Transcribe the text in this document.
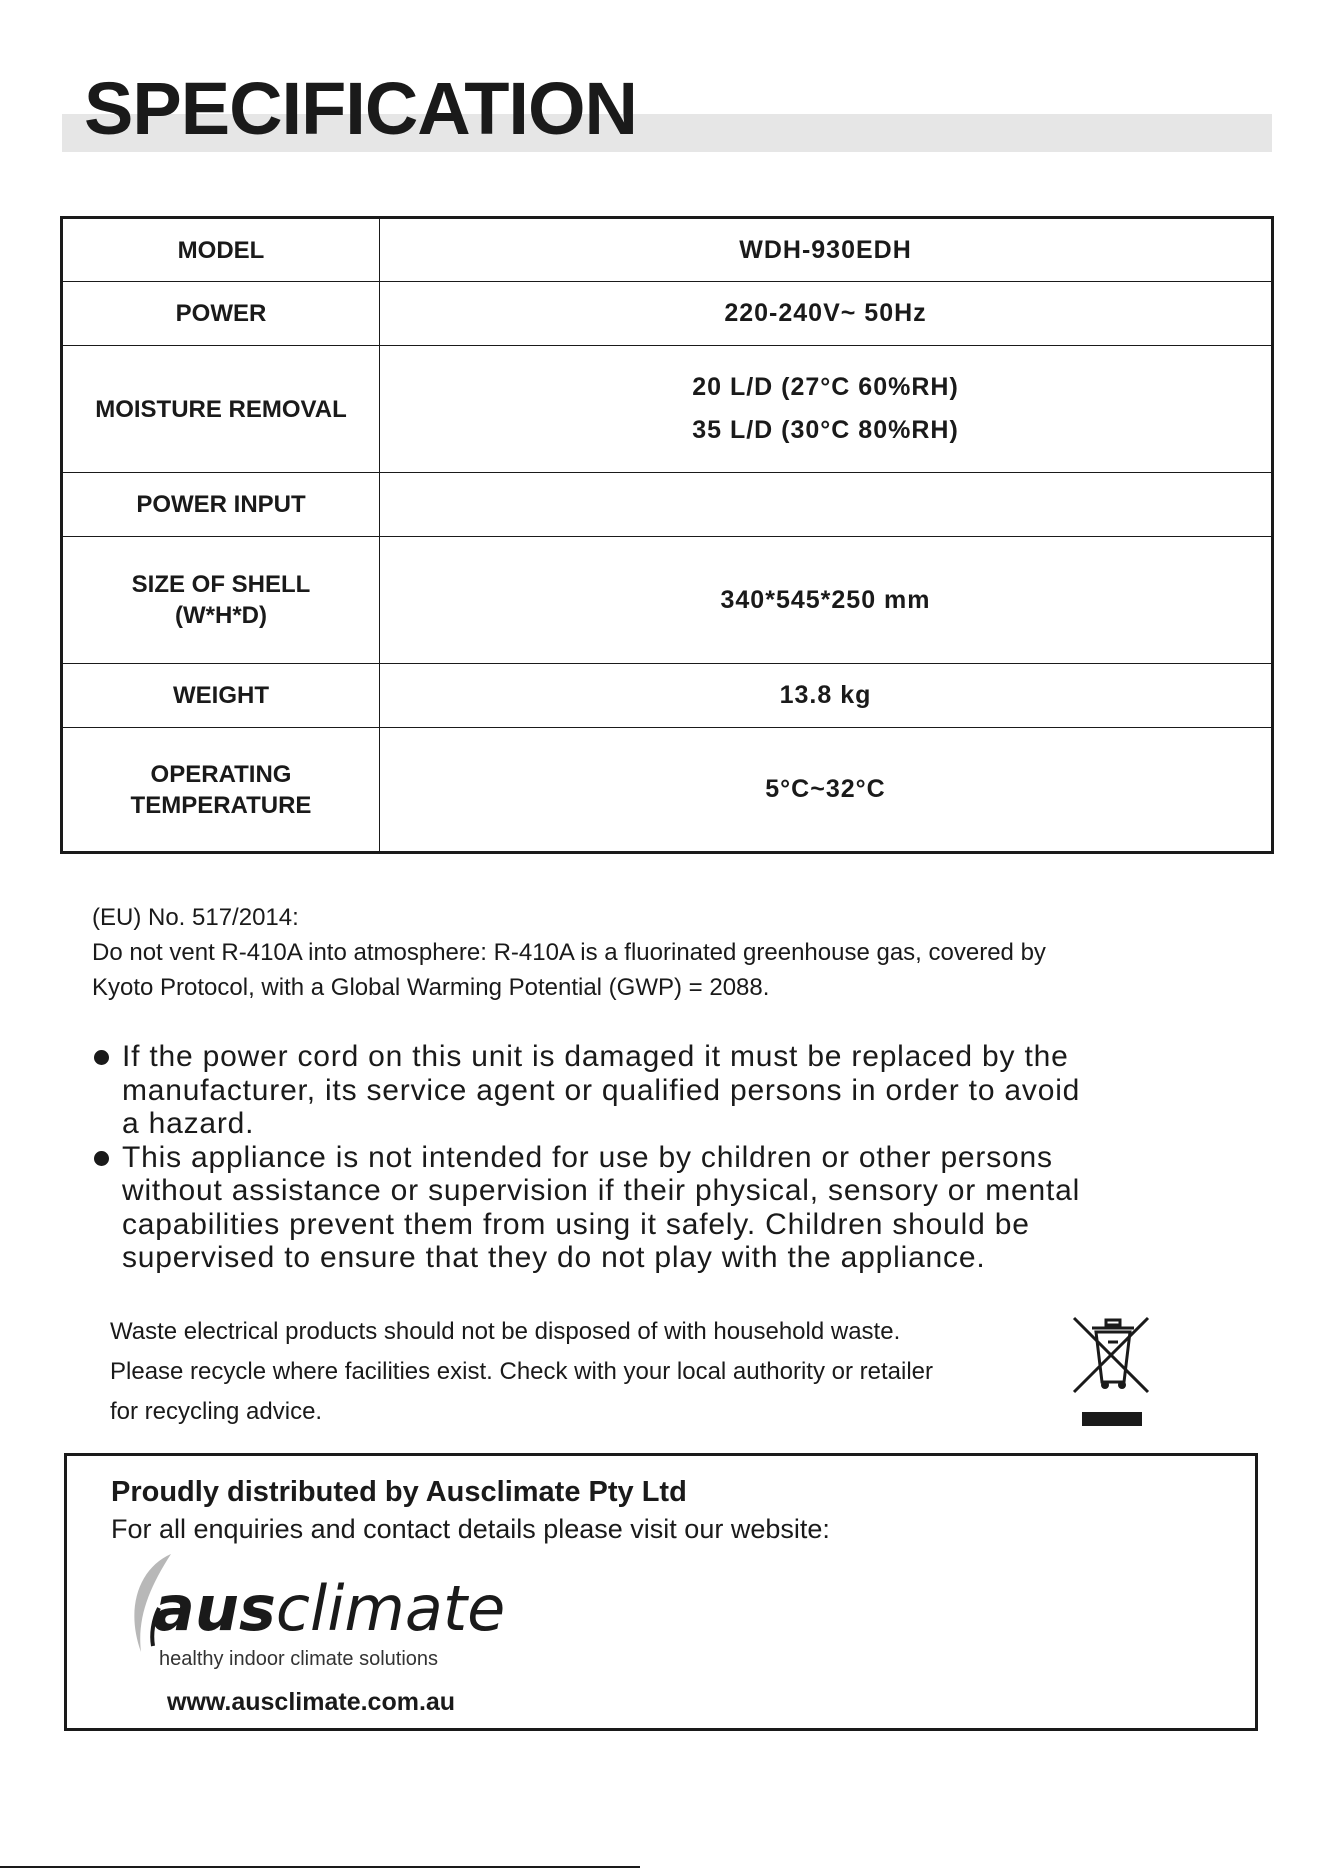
SPECIFICATION
MODEL	WDH-930EDH
POWER	220-240V~ 50Hz
MOISTURE REMOVAL	20 L/D (27°C 60%RH)
35 L/D (30°C 80%RH)

POWER INPUT	

SIZE OF SHELL
(W*H*D)	340*545*250 mm
WEIGHT	13.8 kg

OPERATING
TEMPERATURE	5°C~32°C
(EU) No. 517/2014:
Do not vent R-410A into atmosphere: R-410A is a fluorinated greenhouse gas, covered by
Kyoto Protocol, with a Global Warming Potential (GWP) = 2088.
If the power cord on this unit is damaged it must be replaced by the
manufacturer, its service agent or qualified persons in order to avoid
a hazard.
This appliance is not intended for use by children or other persons
without assistance or supervision if their physical, sensory or mental
capabilities prevent them from using it safely. Children should be
supervised to ensure that they do not play with the appliance.
Waste electrical products should not be disposed of with household waste.
Please recycle where facilities exist. Check with your local authority or retailer
for recycling advice.
Proudly distributed by Ausclimate Pty Ltd
For all enquiries and contact details please visit our website:
ausclimate
healthy indoor climate solutions
www.ausclimate.com.au
